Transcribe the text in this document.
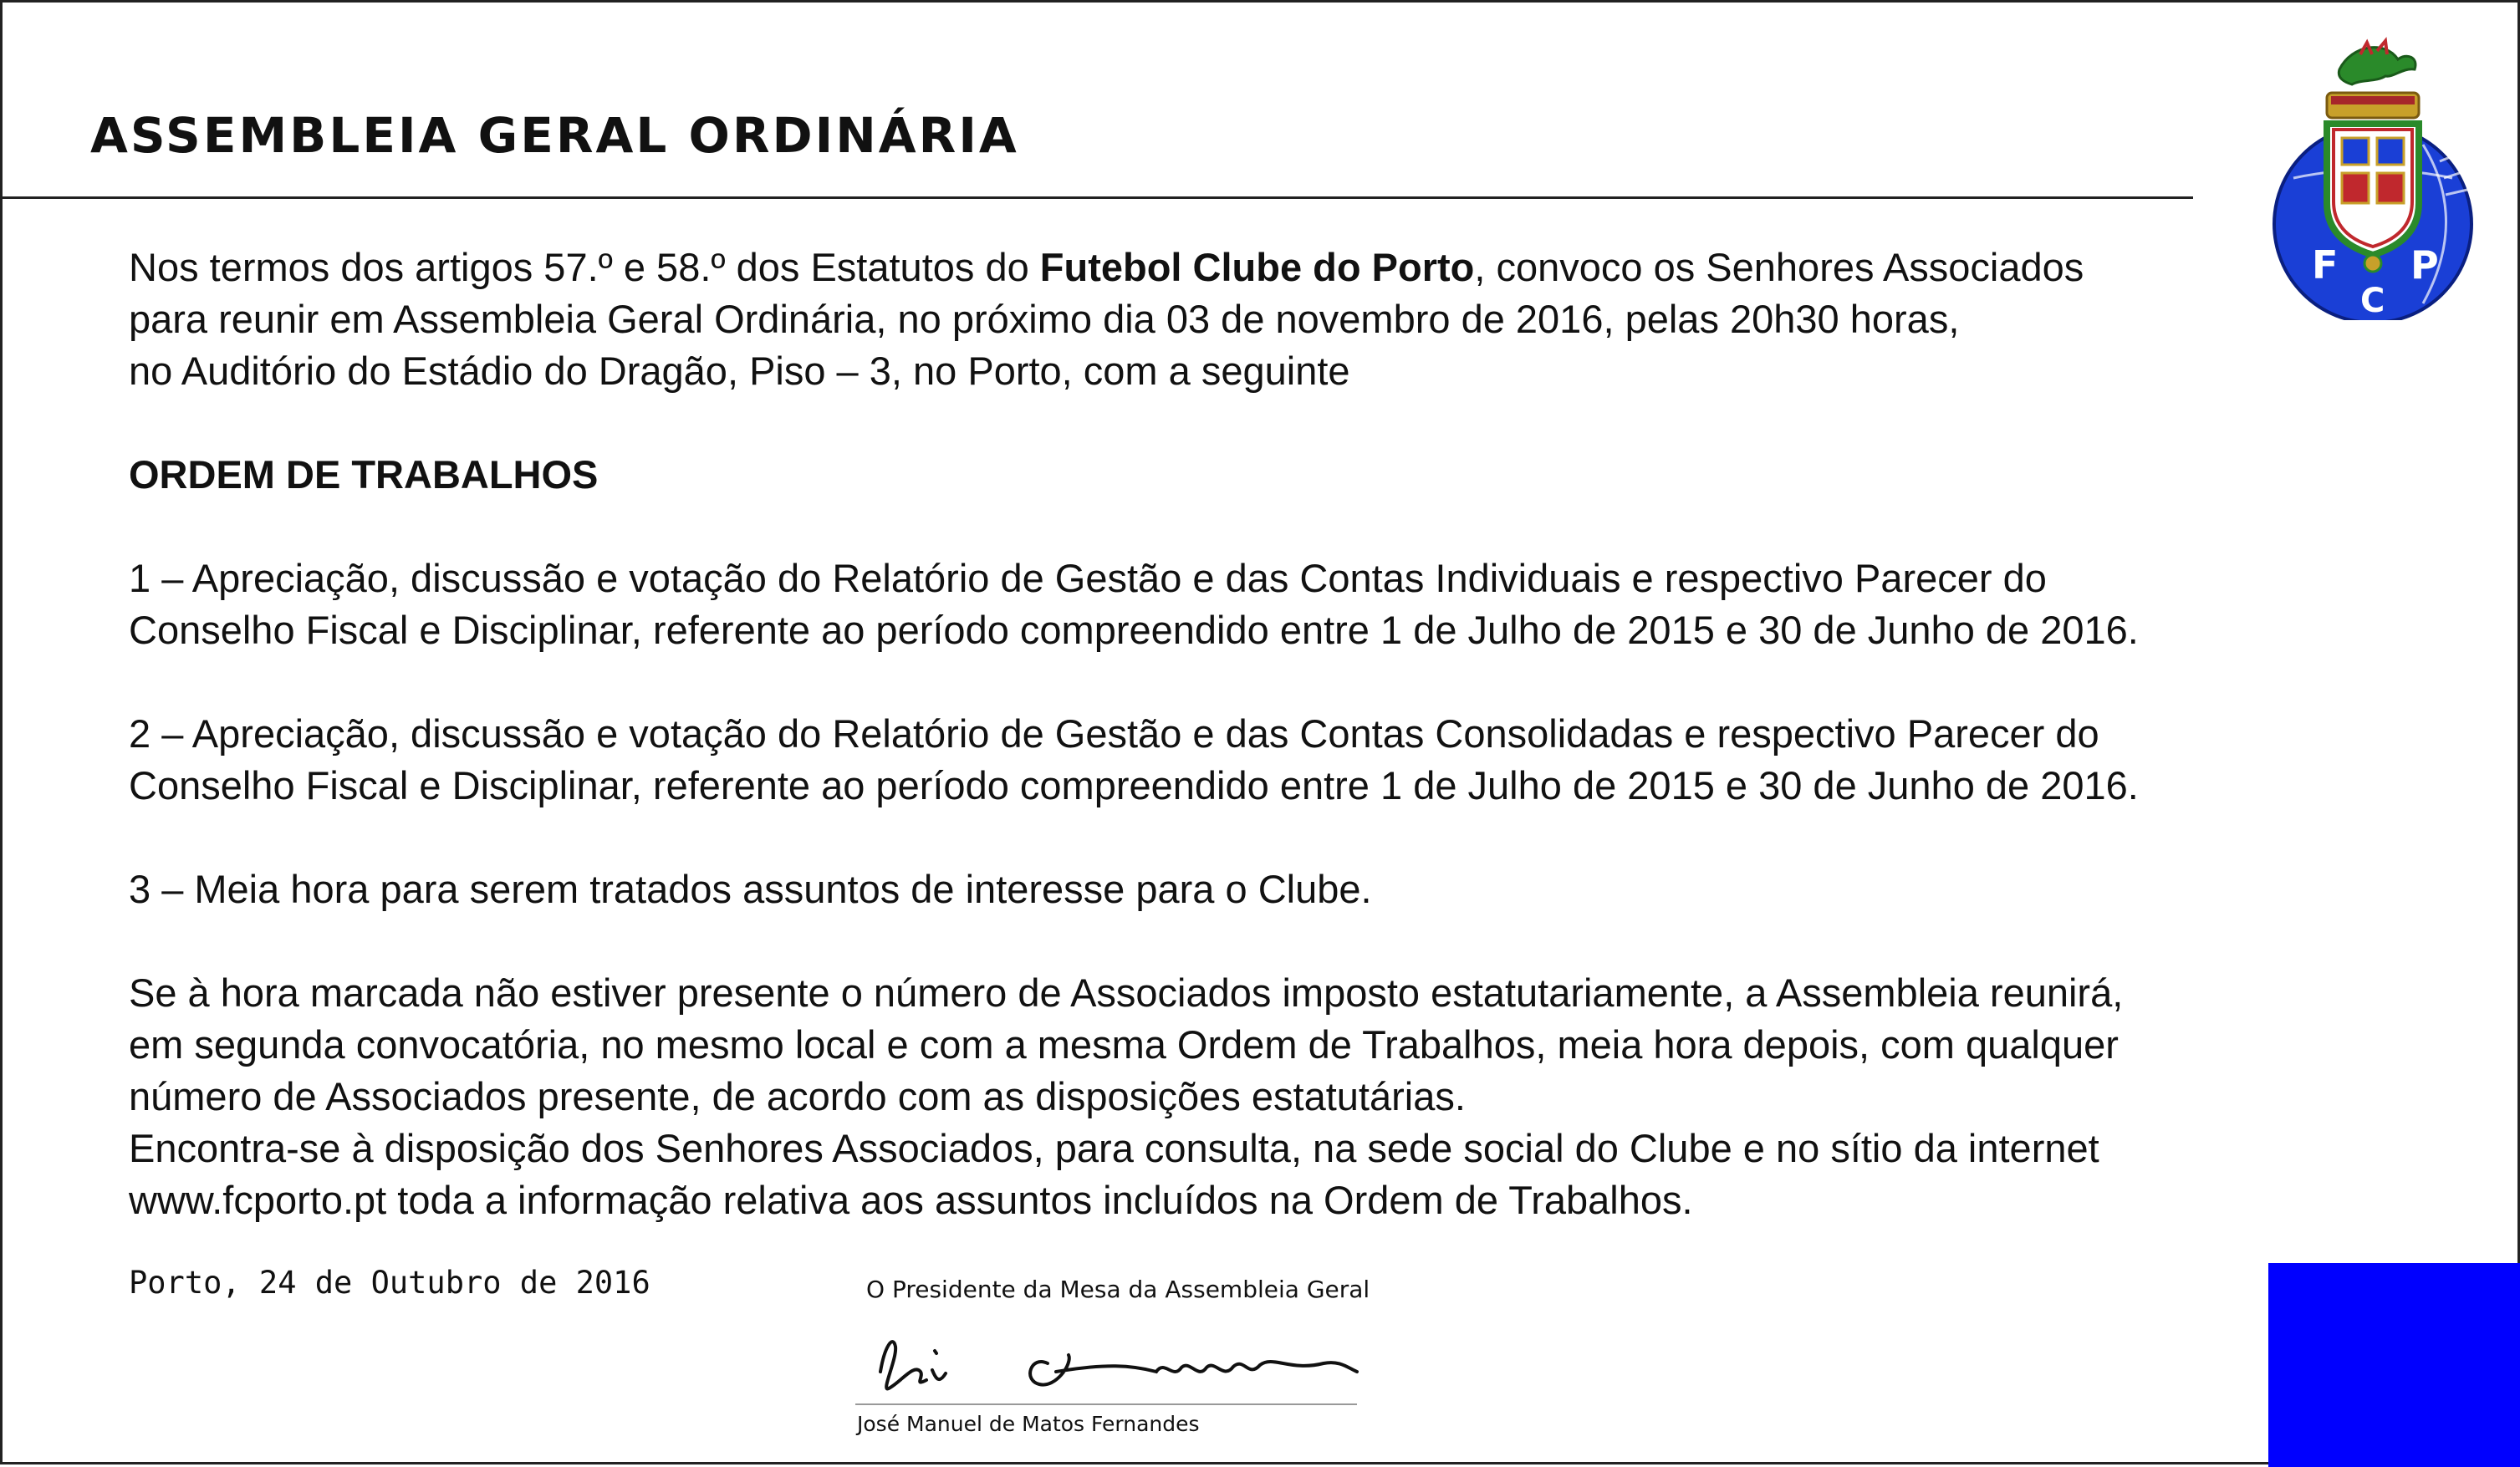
ASSEMBLEIA GERAL ORDINÁRIA
F
C
P

Nos termos dos artigos 57.º e 58.º dos Estatutos do Futebol Clube do Porto, convoco os Senhores Associados
para reunir em Assembleia Geral Ordinária, no próximo dia 03 de novembro de 2016, pelas 20h30 horas,
no Auditório do Estádio do Dragão, Piso – 3, no Porto, com a seguinte

ORDEM DE TRABALHOS

1 – Apreciação, discussão e votação do Relatório de Gestão e das Contas Individuais e respectivo Parecer do
Conselho Fiscal e Disciplinar, referente ao período compreendido entre 1 de Julho de 2015 e 30 de Junho de 2016.

2 – Apreciação, discussão e votação do Relatório de Gestão e das Contas Consolidadas e respectivo Parecer do
Conselho Fiscal e Disciplinar, referente ao período compreendido entre 1 de Julho de 2015 e 30 de Junho de 2016.

3 – Meia hora para serem tratados assuntos de interesse para o Clube.

Se à hora marcada não estiver presente o número de Associados imposto estatutariamente, a Assembleia reunirá,
em segunda convocatória, no mesmo local e com a mesma Ordem de Trabalhos, meia hora depois, com qualquer
número de Associados presente, de acordo com as disposições estatutárias.
Encontra-se à disposição dos Senhores Associados, para consulta, na sede social do Clube e no sítio da internet
www.fcporto.pt toda a informação relativa aos assuntos incluídos na Ordem de Trabalhos.

Porto, 24 de Outubro de 2016	O Presidente da Mesa da Assembleia Geral
José Manuel de Matos Fernandes
